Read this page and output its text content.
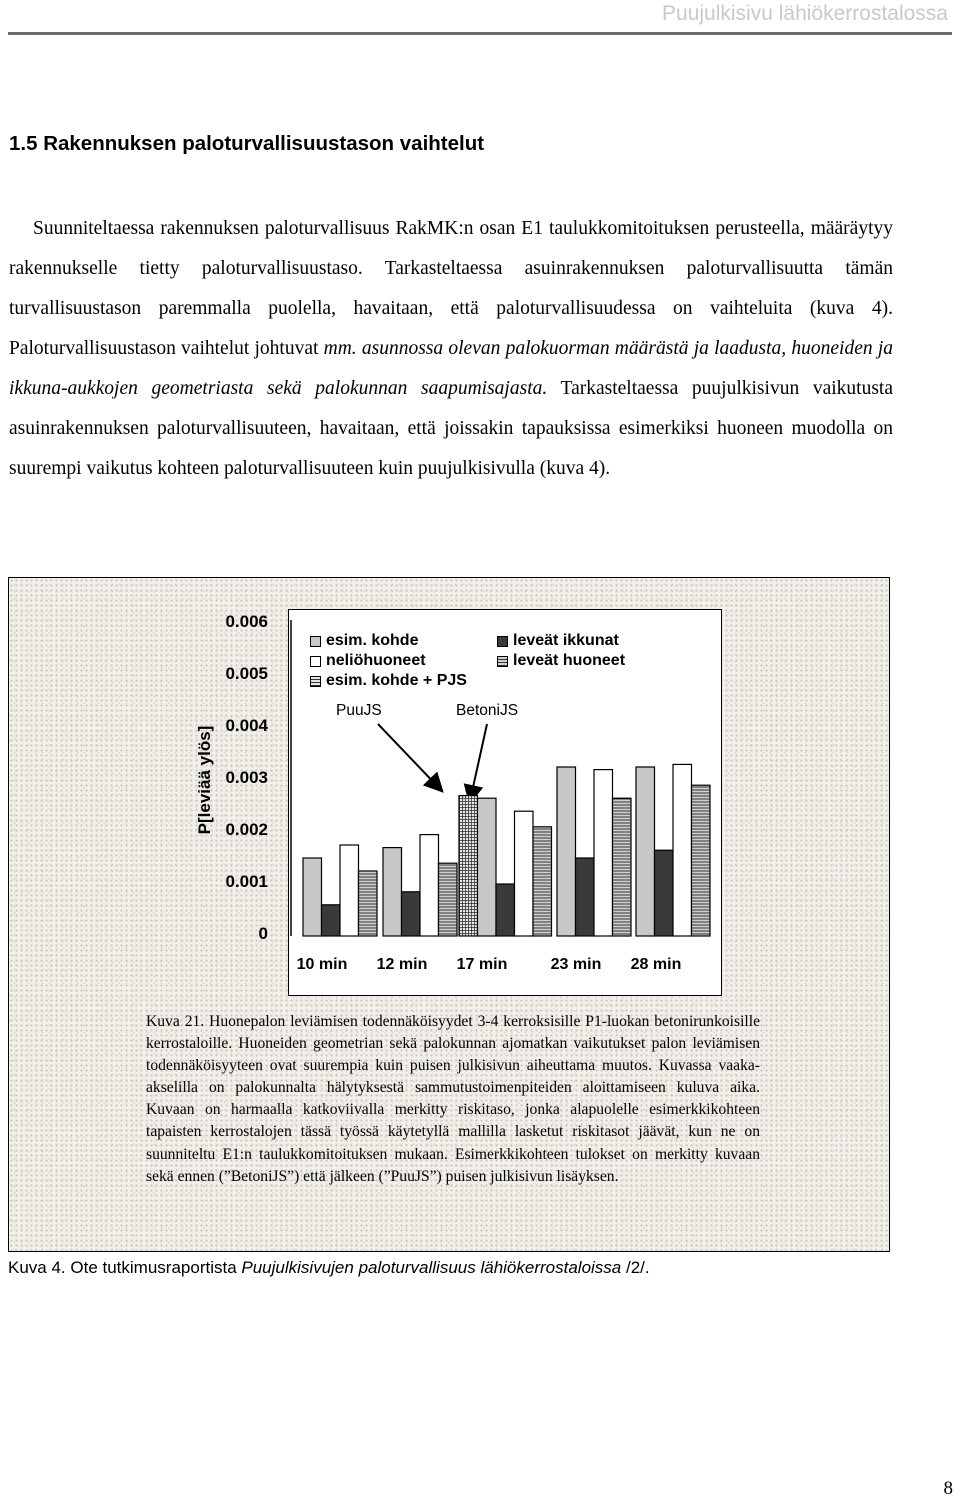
Puujulkisivu lähiökerrostalossa
1.5 Rakennuksen paloturvallisuustason vaihtelut
Suunniteltaessa rakennuksen paloturvallisuus RakMK:n osan E1 taulukkomitoituksen perusteella, määräytyy rakennukselle tietty paloturvallisuustaso. Tarkasteltaessa asuinrakennuksen paloturvallisuutta tämän turvallisuustason paremmalla puolella, havaitaan, että paloturvallisuudessa on vaihteluita (kuva 4). Paloturvallisuustason vaihtelut johtuvat mm. asunnossa olevan palokuorman määrästä ja laadusta, huoneiden ja ikkuna-aukkojen geometriasta sekä palokunnan saapumisajasta. Tarkasteltaessa puujulkisivun vaikutusta asuinrakennuksen paloturvallisuuteen, havaitaan, että joissakin tapauksissa esimerkiksi huoneen muodolla on suurempi vaikutus kohteen paloturvallisuuteen kuin puujulkisivulla (kuva 4).
P[leviää ylös]
0.006
0.005
0.004
0.003
0.002
0.001
0
10 min 12 min 17 min	23 min 28 min
esim. kohde
neliöhuoneet
esim. kohde + PJS
leveät ikkunat
leveät huoneet
PuuJS	BetoniJS
Kuva 21. Huonepalon leviämisen todennäköisyydet 3-4 kerroksisille P1-luokan betonirunkoisille kerrostaloille. Huoneiden geometrian sekä palokunnan ajomatkan vaikutukset palon leviämisen todennäköisyyteen ovat suurempia kuin puisen julkisivun aiheuttama muutos. Kuvassa vaaka-akselilla on palokunnalta hälytyksestä sammutustoimenpiteiden aloittamiseen kuluva aika. Kuvaan on harmaalla katkoviivalla merkitty riskitaso, jonka alapuolelle esimerkkikohteen tapaisten kerrostalojen tässä työssä käytetyllä mallilla lasketut riskitasot jäävät, kun ne on suunniteltu E1:n taulukkomitoituksen mukaan. Esimerkkikohteen tulokset on merkitty kuvaan sekä ennen (”BetoniJS”) että jälkeen (”PuuJS”) puisen julkisivun lisäyksen.
Kuva 4. Ote tutkimusraportista Puujulkisivujen paloturvallisuus lähiökerrostaloissa /2/.
8
